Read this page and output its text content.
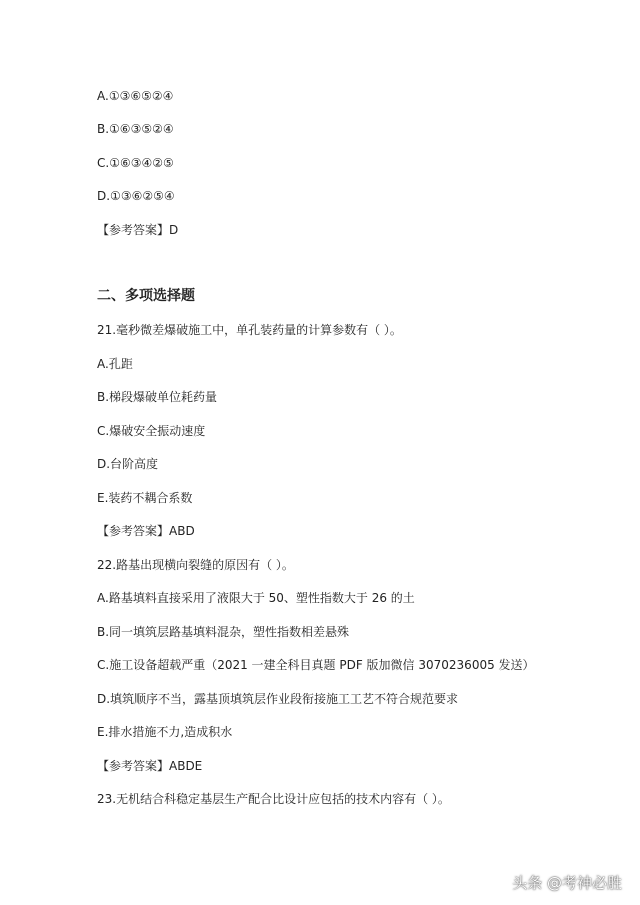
A.①③⑥⑤②④
B.①⑥③⑤②④
C.①⑥③④②⑤
D.①③⑥②⑤④
【参考答案】D
二、多项选择题
21.毫秒微差爆破施工中，单孔装药量的计算参数有（ ）。
A.孔距
B.梯段爆破单位耗药量
C.爆破安全振动速度
D.台阶高度
E.装药不耦合系数
【参考答案】ABD
22.路基出现横向裂缝的原因有（ ）。
A.路基填料直接采用了液限大于 50、塑性指数大于 26 的土
B.同一填筑层路基填料混杂，塑性指数相差悬殊
C.施工设备超载严重（2021 一建全科目真题 PDF 版加微信 3070236005 发送）
D.填筑顺序不当，露基顶填筑层作业段衔接施工工艺不符合规范要求
E.排水措施不力,造成积水
【参考答案】ABDE
23.无机结合科稳定基层生产配合比设计应包括的技术内容有（ ）。
头条 @考神必胜
